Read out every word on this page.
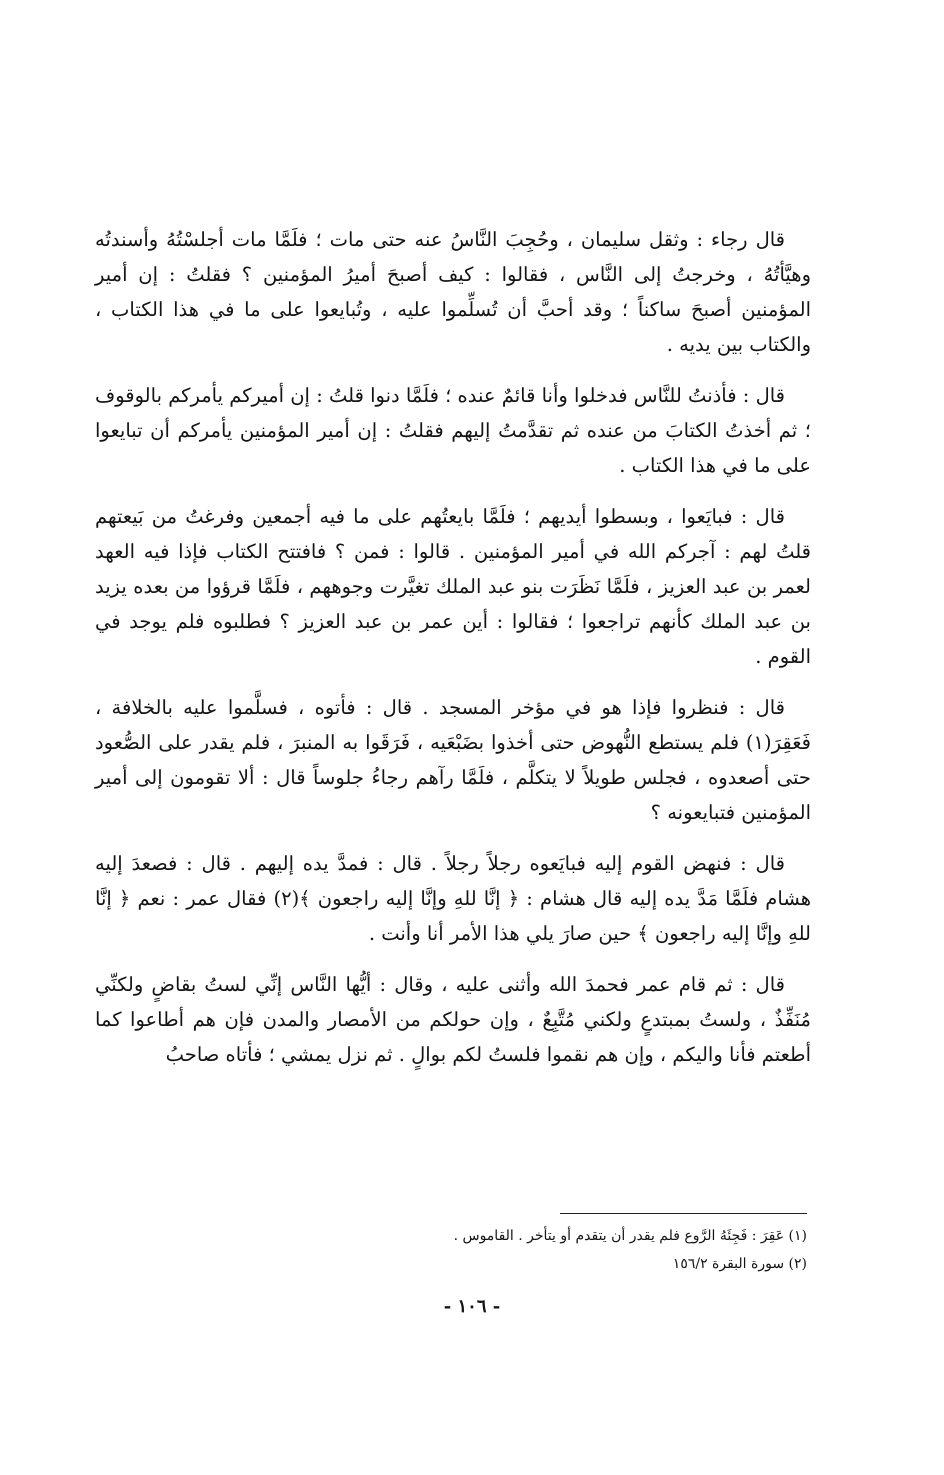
قال رجاء : وثقل سليمان ، وحُجِبَ النَّاسُ عنه حتى مات ؛ فلَمَّا مات أجلسْتُهُ وأسندتُه وهيَّأتُهُ ، وخرجتُ إلى النَّاس ، فقالوا : كيف أصبحَ أميرُ المؤمنين ؟ فقلتُ : إن أمير المؤمنين أصبحَ ساكناً ؛ وقد أحبَّ أن تُسلِّموا عليه ، وتُبايعوا على ما في هذا الكتاب ، والكتاب بين يديه .

قال : فأذنتُ للنَّاس فدخلوا وأنا قائمٌ عنده ؛ فلَمَّا دنوا قلتُ : إن أميركم يأمركم بالوقوف ؛ ثم أخذتُ الكتابَ من عنده ثم تقدَّمتُ إليهم فقلتُ : إن أمير المؤمنين يأمركم أن تبايعوا على ما في هذا الكتاب .

قال : فبايَعوا ، وبسطوا أيديهم ؛ فلَمَّا بايعتُهم على ما فيه أجمعين وفرغتُ من بَيعتهم قلتُ لهم : آجركم الله في أمير المؤمنين . قالوا : فمن ؟ فافتتح الكتاب فإذا فيه العهد لعمر بن عبد العزيز ، فلَمَّا نَظَرَت بنو عبد الملك تغيَّرت وجوههم ، فلَمَّا قرؤوا من بعده يزيد بن عبد الملك كأنهم تراجعوا ؛ فقالوا : أين عمر بن عبد العزيز ؟ فطلبوه فلم يوجد في القوم .

قال : فنظروا فإذا هو في مؤخر المسجد . قال : فأتوه ، فسلَّموا عليه بالخلافة ، فَعَقِرَ(١) فلم يستطع النُّهوض حتى أخذوا بضَبْعَيه ، فَرَقَوا به المنبرَ ، فلم يقدر على الصُّعود حتى أصعدوه ، فجلس طويلاً لا يتكلَّم ، فلَمَّا رآهم رجاءُ جلوساً قال : ألا تقومون إلى أمير المؤمنين فتبايعونه ؟

قال : فنهض القوم إليه فبايَعوه رجلاً رجلاً . قال : فمدَّ يده إليهم . قال : فصعدَ إليه هشام فلَمَّا مَدَّ يده إليه قال هشام : ﴿ إنَّا للهِ وإنَّا إليه راجعون ﴾(٢) فقال عمر : نعم ﴿ إنَّا للهِ وإنَّا إليه راجعون ﴾ حين صارَ يلي هذا الأمر أنا وأنت .

قال : ثم قام عمر فحمدَ الله وأثنى عليه ، وقال : أيُّها النَّاس إنِّي لستُ بقاضٍ ولكنِّي مُنَفِّذٌ ، ولستُ بمبتدعٍ ولكني مُتَّبِعٌ ، وإن حولكم من الأمصار والمدن فإن هم أطاعوا كما أطعتم فأنا واليكم ، وإن هم نقموا فلستُ لكم بوالٍ . ثم نزل يمشي ؛ فأتاه صاحبُ

(١) عَقِرَ : فَجِئَهُ الرَّوع فلم يقدر أن يتقدم أو يتأخر . القاموس .

(٢) سورة البقرة ١٥٦/٢

- ١٠٦ -
